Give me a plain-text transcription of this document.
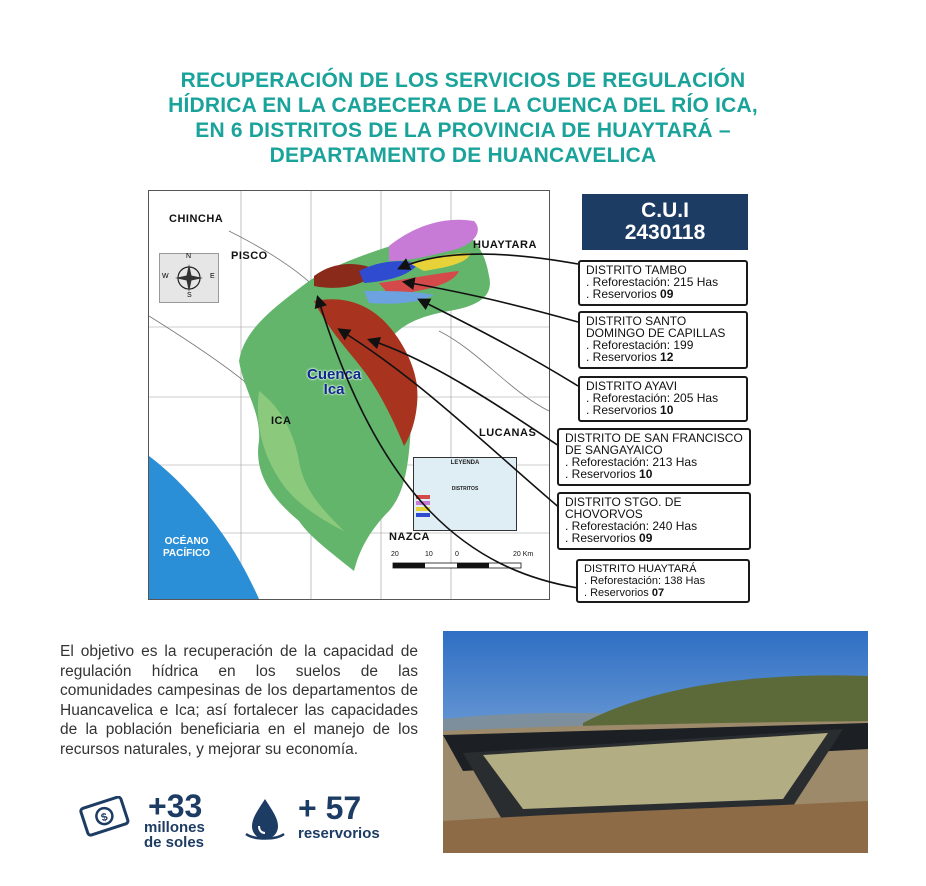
RECUPERACIÓN DE LOS SERVICIOS DE REGULACIÓN
HÍDRICA EN LA CABECERA DE LA CUENCA DEL RÍO ICA,
EN 6 DISTRITOS DE LA PROVINCIA DE HUAYTARÁ –
DEPARTAMENTO DE HUANCAVELICA
CHINCHA
PISCO
HUAYTARA
ICA
LUCANAS
NAZCA
Cuenca
Ica
OCÉANO
PACÍFICO
N
S
E
W
LEYENDA
DISTRITOS
20	10	0	20 Km
C.U.I
2430118
DISTRITO TAMBO
. Reforestación: 215 Has
. Reservorios 09
DISTRITO SANTO
DOMINGO DE CAPILLAS
. Reforestación: 199
. Reservorios 12
DISTRITO AYAVI
. Reforestación: 205 Has
. Reservorios 10
DISTRITO DE SAN FRANCISCO
DE SANGAYAICO
. Reforestación: 213 Has
. Reservorios 10
DISTRITO STGO. DE
CHOVORVOS
. Reforestación: 240 Has
. Reservorios 09
DISTRITO HUAYTARÁ
. Reforestación: 138 Has
. Reservorios 07
El objetivo es la recuperación de la capacidad de regulación hídrica en los suelos de las comunidades campesinas de los departamentos de Huancavelica e Ica; así fortalecer las capacidades de la población beneficiaria en el manejo de los recursos naturales, y mejorar su economía.
$ +33
millones
de soles
+ 57
reservorios
